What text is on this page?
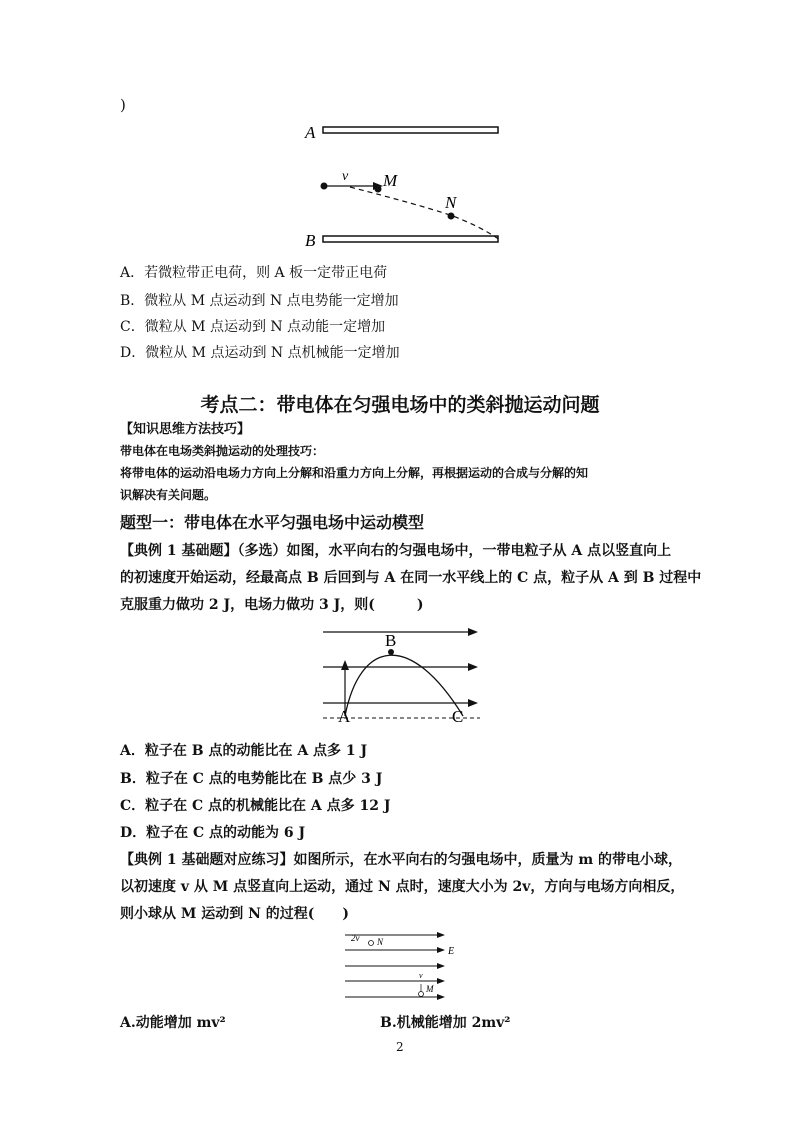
)
A
B
v M
N
A．若微粒带正电荷，则 A 板一定带正电荷
B．微粒从 M 点运动到 N 点电势能一定增加
C．微粒从 M 点运动到 N 点动能一定增加
D．微粒从 M 点运动到 N 点机械能一定增加
考点二：带电体在匀强电场中的类斜抛运动问题
【知识思维方法技巧】
带电体在电场类斜抛运动的处理技巧：
将带电体的运动沿电场力方向上分解和沿重力方向上分解，再根据运动的合成与分解的知
识解决有关问题。
题型一：带电体在水平匀强电场中运动模型
【典例 1 基础题】（多选）如图，水平向右的匀强电场中，一带电粒子从 A 点以竖直向上
的初速度开始运动，经最高点 B 后回到与 A 在同一水平线上的 C 点，粒子从 A 到 B 过程中
克服重力做功 2 J，电场力做功 3 J，则(　　　)
B
A	C
A．粒子在 B 点的动能比在 A 点多 1 J
B．粒子在 C 点的电势能比在 B 点少 3 J
C．粒子在 C 点的机械能比在 A 点多 12 J
D．粒子在 C 点的动能为 6 J
【典例 1 基础题对应练习】如图所示，在水平向右的匀强电场中，质量为 m 的带电小球，
以初速度 v 从 M 点竖直向上运动，通过 N 点时，速度大小为 2v，方向与电场方向相反，
则小球从 M 运动到 N 的过程(　　)
2v N
E
v
M
A.动能增加 mv²	B.机械能增加 2mv²
2
